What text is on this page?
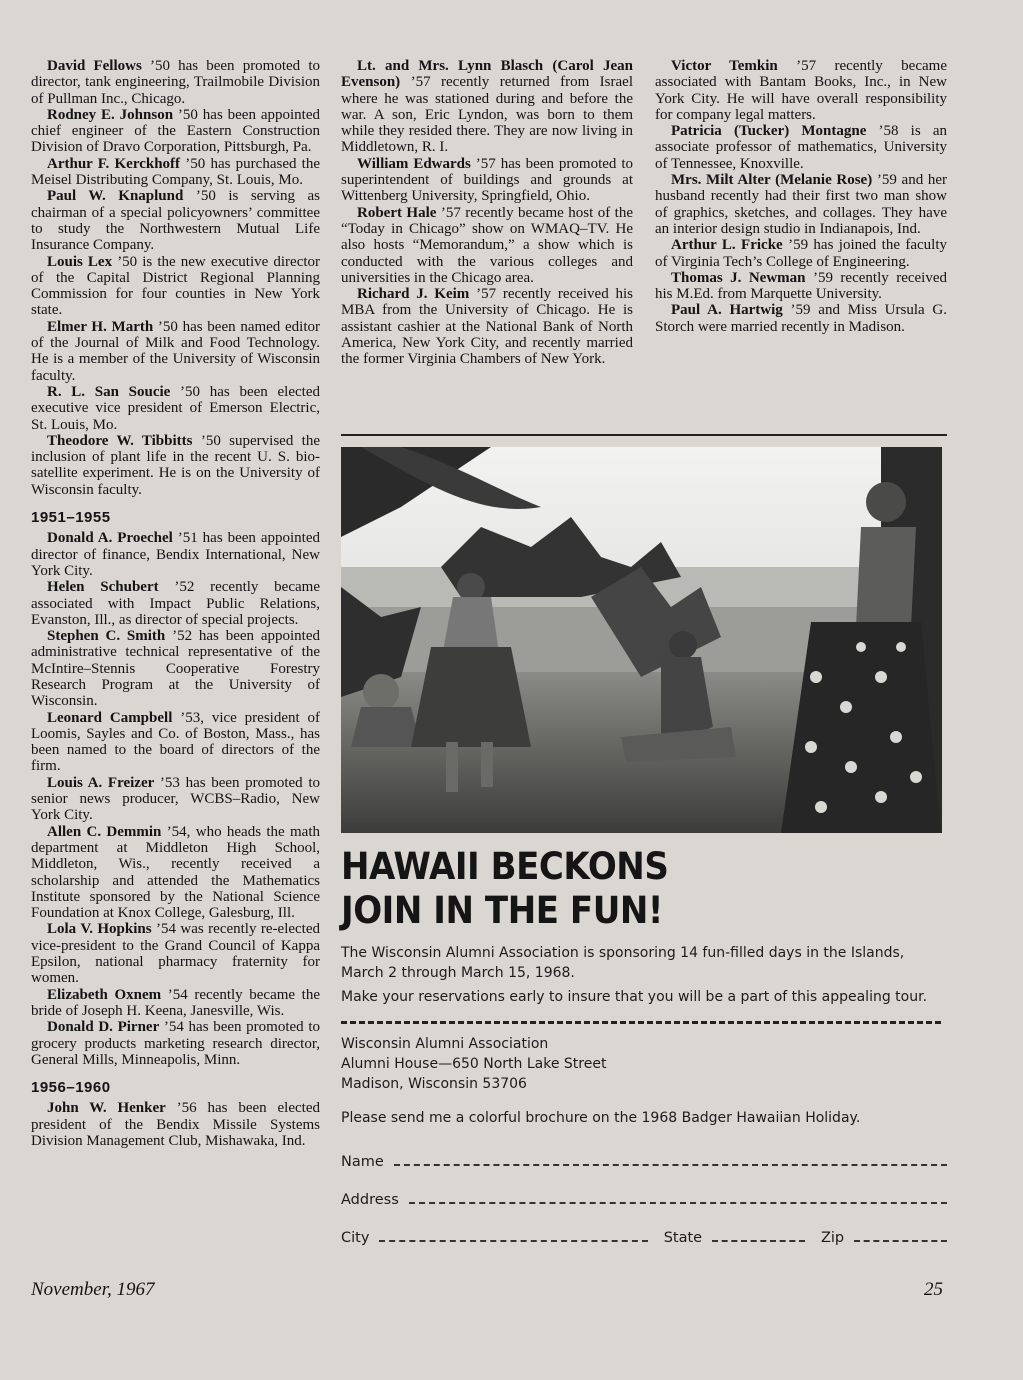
David Fellows ’50 has been promoted to director, tank engineering, Trailmobile Division of Pullman Inc., Chicago.

Rodney E. Johnson ’50 has been appointed chief engineer of the Eastern Construction Division of Dravo Corporation, Pittsburgh, Pa.

Arthur F. Kerckhoff ’50 has purchased the Meisel Distributing Company, St. Louis, Mo.

Paul W. Knaplund ’50 is serving as chairman of a special policyowners’ committee to study the Northwestern Mutual Life Insurance Company.

Louis Lex ’50 is the new executive director of the Capital District Regional Planning Commission for four counties in New York state.

Elmer H. Marth ’50 has been named editor of the Journal of Milk and Food Technology. He is a member of the University of Wisconsin faculty.

R. L. San Soucie ’50 has been elected executive vice president of Emerson Electric, St. Louis, Mo.

Theodore W. Tibbitts ’50 supervised the inclusion of plant life in the recent U. S. bio-satellite experiment. He is on the University of Wisconsin faculty.

1951–1955

Donald A. Proechel ’51 has been appointed director of finance, Bendix International, New York City.

Helen Schubert ’52 recently became associated with Impact Public Relations, Evanston, Ill., as director of special projects.

Stephen C. Smith ’52 has been appointed administrative technical representative of the McIntire–Stennis Cooperative Forestry Research Program at the University of Wisconsin.

Leonard Campbell ’53, vice president of Loomis, Sayles and Co. of Boston, Mass., has been named to the board of directors of the firm.

Louis A. Freizer ’53 has been promoted to senior news producer, WCBS–Radio, New York City.

Allen C. Demmin ’54, who heads the math department at Middleton High School, Middleton, Wis., recently received a scholarship and attended the Mathematics Institute sponsored by the National Science Foundation at Knox College, Galesburg, Ill.

Lola V. Hopkins ’54 was recently re-elected vice-president to the Grand Council of Kappa Epsilon, national pharmacy fraternity for women.

Elizabeth Oxnem ’54 recently became the bride of Joseph H. Keena, Janesville, Wis.

Donald D. Pirner ’54 has been promoted to grocery products marketing research director, General Mills, Minneapolis, Minn.

1956–1960

John W. Henker ’56 has been elected president of the Bendix Missile Systems Division Management Club, Mishawaka, Ind.

Lt. and Mrs. Lynn Blasch (Carol Jean Evenson) ’57 recently returned from Israel where he was stationed during and before the war. A son, Eric Lyndon, was born to them while they resided there. They are now living in Middletown, R. I.

William Edwards ’57 has been promoted to superintendent of buildings and grounds at Wittenberg University, Springfield, Ohio.

Robert Hale ’57 recently became host of the “Today in Chicago” show on WMAQ–TV. He also hosts “Memorandum,” a show which is conducted with the various colleges and universities in the Chicago area.

Richard J. Keim ’57 recently received his MBA from the University of Chicago. He is assistant cashier at the National Bank of North America, New York City, and recently married the former Virginia Chambers of New York.

Victor Temkin ’57 recently became associated with Bantam Books, Inc., in New York City. He will have overall responsibility for company legal matters.

Patricia (Tucker) Montagne ’58 is an associate professor of mathematics, University of Tennessee, Knoxville.

Mrs. Milt Alter (Melanie Rose) ’59 and her husband recently had their first two man show of graphics, sketches, and collages. They have an interior design studio in Indianapois, Ind.

Arthur L. Fricke ’59 has joined the faculty of Virginia Tech’s College of Engineering.

Thomas J. Newman ’59 recently received his M.Ed. from Marquette University.

Paul A. Hartwig ’59 and Miss Ursula G. Storch were married recently in Madison.

HAWAII BECKONS
JOIN IN THE FUN!

The Wisconsin Alumni Association is sponsoring 14 fun-filled days in the Islands, March 2 through March 15, 1968.

Make your reservations early to insure that you will be a part of this appealing tour.

Wisconsin Alumni Association

Alumni House—650 North Lake Street

Madison, Wisconsin 53706

Please send me a colorful brochure on the 1968 Badger Hawaiian Holiday.

Name
Address
City	State	Zip
November, 1967	25
